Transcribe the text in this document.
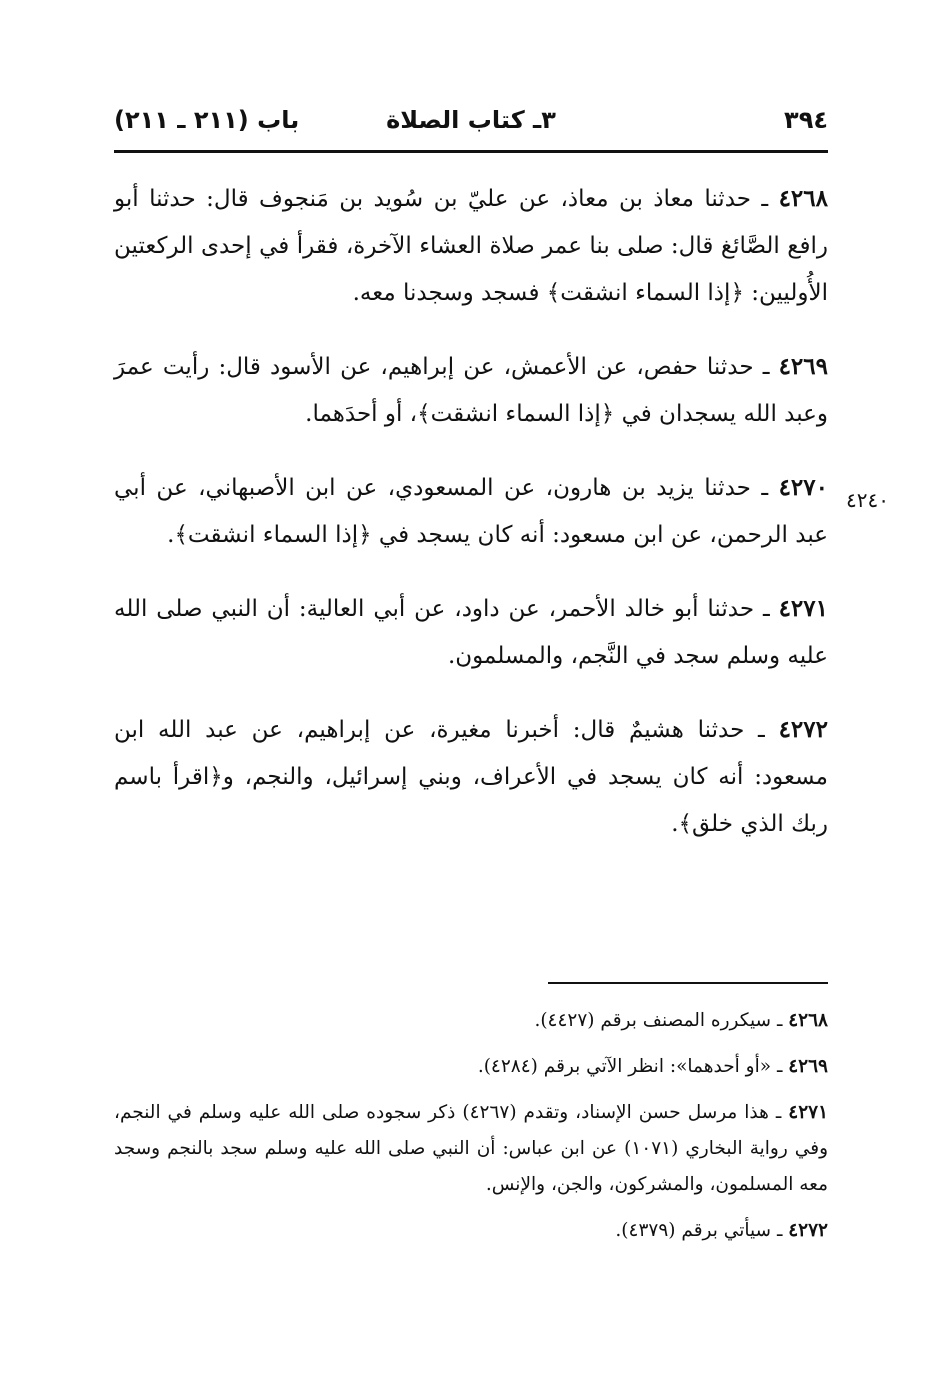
٣٩٤
٣ـ كتاب الصلاة
باب (٢١١ ـ ٢١١)
٤٢٤٠

٤٢٦٨ ـ حدثنا معاذ بن معاذ، عن عليّ بن سُويد بن مَنجوف قال: حدثنا أبو رافع الصَّائغ قال: صلى بنا عمر صلاة العشاء الآخرة، فقرأ في إحدى الركعتين الأُوليين: ﴿إذا السماء انشقت﴾ فسجد وسجدنا معه.

٤٢٦٩ ـ حدثنا حفص، عن الأعمش، عن إبراهيم، عن الأسود قال: رأيت عمرَ وعبد الله يسجدان في ﴿إذا السماء انشقت﴾، أو أحدَهما.

٤٢٧٠ ـ حدثنا يزيد بن هارون، عن المسعودي، عن ابن الأصبهاني، عن أبي عبد الرحمن، عن ابن مسعود: أنه كان يسجد في ﴿إذا السماء انشقت﴾.

٤٢٧١ ـ حدثنا أبو خالد الأحمر، عن داود، عن أبي العالية: أن النبي صلى الله عليه وسلم سجد في النَّجم، والمسلمون.

٤٢٧٢ ـ حدثنا هشيمٌ قال: أخبرنا مغيرة، عن إبراهيم، عن عبد الله ابن مسعود: أنه كان يسجد في الأعراف، وبني إسرائيل، والنجم، و﴿اقرأ باسم ربك الذي خلق﴾.

٤٢٦٨ ـ سيكرره المصنف برقم (٤٤٢٧).

٤٢٦٩ ـ «أو أحدهما»: انظر الآتي برقم (٤٢٨٤).

٤٢٧١ ـ هذا مرسل حسن الإسناد، وتقدم (٤٢٦٧) ذكر سجوده صلى الله عليه وسلم في النجم، وفي رواية البخاري (١٠٧١) عن ابن عباس: أن النبي صلى الله عليه وسلم سجد بالنجم وسجد معه المسلمون، والمشركون، والجن، والإنس.

٤٢٧٢ ـ سيأتي برقم (٤٣٧٩).
